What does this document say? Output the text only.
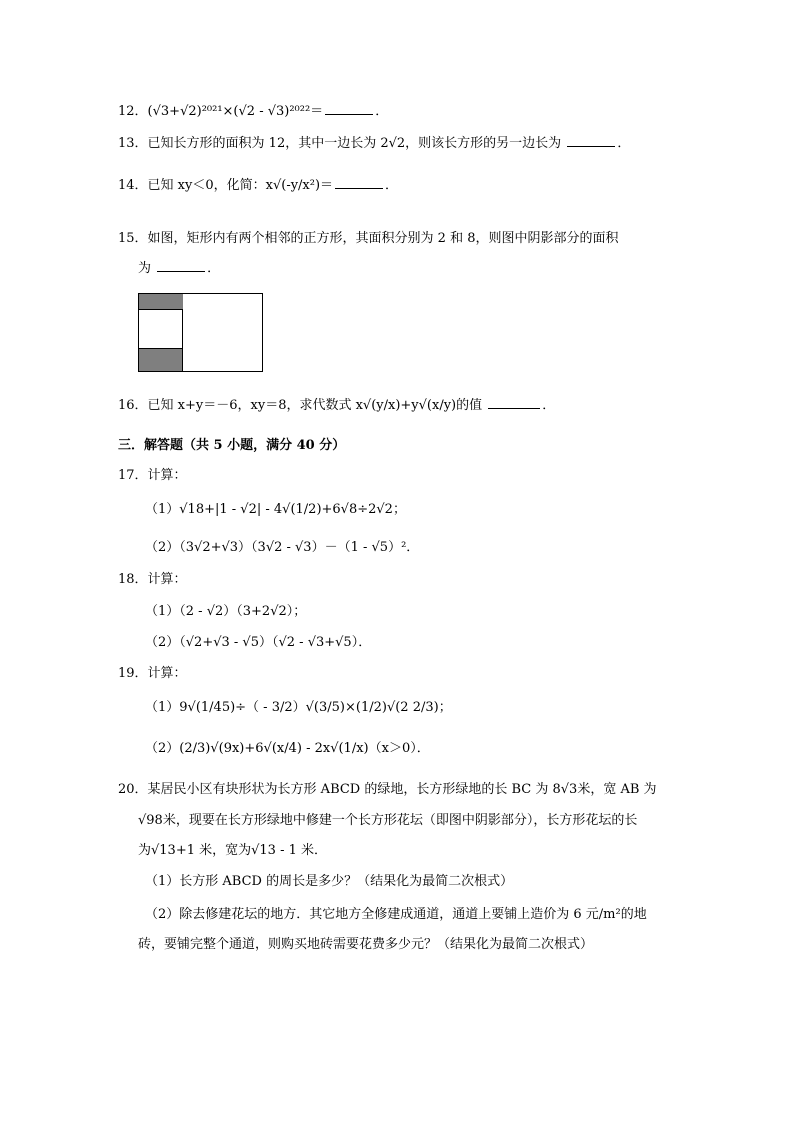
12．(√3+√2)²⁰²¹×(√2 - √3)²⁰²²＝	．
13．已知长方形的面积为 12，其中一边长为 2√2，则该长方形的另一边长为	．
14．已知 xy＜0，化简：x√(-y/x²)＝	．
15．如图，矩形内有两个相邻的正方形，其面积分别为 2 和 8，则图中阴影部分的面积
为	．
16．已知 x+y＝－6，xy＝8，求代数式 x√(y/x)+y√(x/y)的值	．
三．解答题（共 5 小题，满分 40 分）
17．计算：
（1）√18+|1 - √2| - 4√(1/2)+6√8÷2√2；
（2）（3√2+√3）（3√2 - √3）－（1 - √5）²．
18．计算：
（1）（2 - √2）（3+2√2）；
（2）（√2+√3 - √5）（√2 - √3+√5）．
19．计算：
（1）9√(1/45)÷（ - 3/2）√(3/5)×(1/2)√(2 2/3)；
（2）(2/3)√(9x)+6√(x/4) - 2x√(1/x)（x＞0）．
20．某居民小区有块形状为长方形 ABCD 的绿地，长方形绿地的长 BC 为 8√3米，宽 AB 为
√98米，现要在长方形绿地中修建一个长方形花坛（即图中阴影部分），长方形花坛的长
为√13+1 米，宽为√13 - 1 米．
（1）长方形 ABCD 的周长是多少？（结果化为最简二次根式）
（2）除去修建花坛的地方．其它地方全修建成通道，通道上要铺上造价为 6 元/m²的地
砖，要铺完整个通道，则购买地砖需要花费多少元？（结果化为最简二次根式）
